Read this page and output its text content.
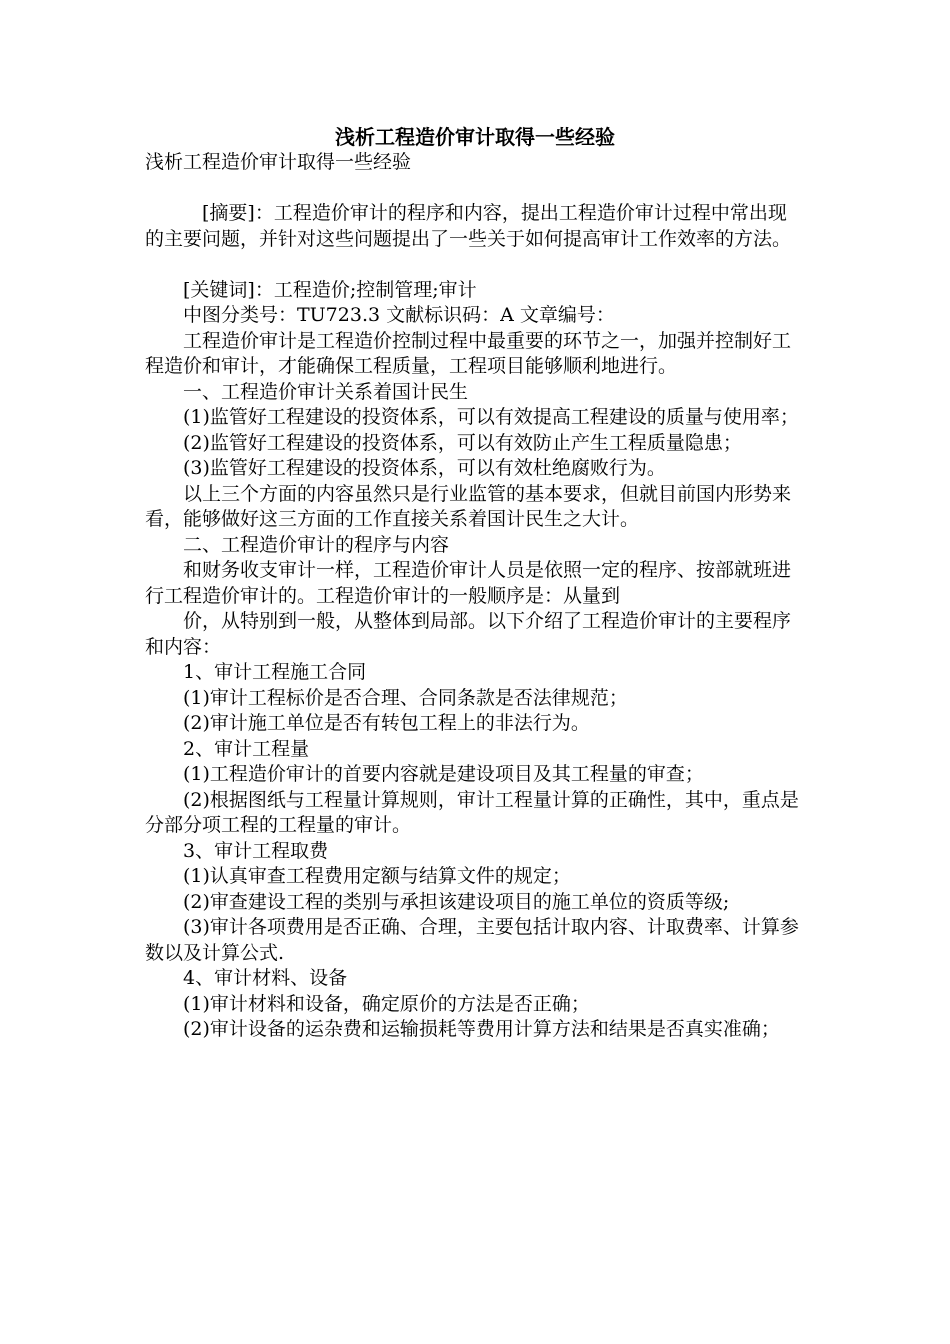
浅析工程造价审计取得一些经验

浅析工程造价审计取得一些经验

[摘要]：工程造价审计的程序和内容，提出工程造价审计过程中常出现的主要问题，并针对这些问题提出了一些关于如何提高审计工作效率的方法。

[关键词]：工程造价;控制管理;审计

中图分类号：TU723.3 文献标识码：A 文章编号：

工程造价审计是工程造价控制过程中最重要的环节之一，加强并控制好工程造价和审计，才能确保工程质量，工程项目能够顺利地进行。

一、工程造价审计关系着国计民生

(1)监管好工程建设的投资体系，可以有效提高工程建设的质量与使用率；

(2)监管好工程建设的投资体系，可以有效防止产生工程质量隐患；

(3)监管好工程建设的投资体系，可以有效杜绝腐败行为。

以上三个方面的内容虽然只是行业监管的基本要求，但就目前国内形势来看，能够做好这三方面的工作直接关系着国计民生之大计。

二、工程造价审计的程序与内容

和财务收支审计一样，工程造价审计人员是依照一定的程序、按部就班进行工程造价审计的。工程造价审计的一般顺序是：从量到

价，从特别到一般，从整体到局部。以下介绍了工程造价审计的主要程序和内容：

1、审计工程施工合同

(1)审计工程标价是否合理、合同条款是否法律规范；

(2)审计施工单位是否有转包工程上的非法行为。

2、审计工程量

(1)工程造价审计的首要内容就是建设项目及其工程量的审查；

(2)根据图纸与工程量计算规则，审计工程量计算的正确性，其中，重点是分部分项工程的工程量的审计。

3、审计工程取费

(1)认真审查工程费用定额与结算文件的规定；

(2)审查建设工程的类别与承担该建设项目的施工单位的资质等级;

(3)审计各项费用是否正确、合理，主要包括计取内容、计取费率、计算参数以及计算公式.

4、审计材料、设备

(1)审计材料和设备，确定原价的方法是否正确；

(2)审计设备的运杂费和运输损耗等费用计算方法和结果是否真实准确；
